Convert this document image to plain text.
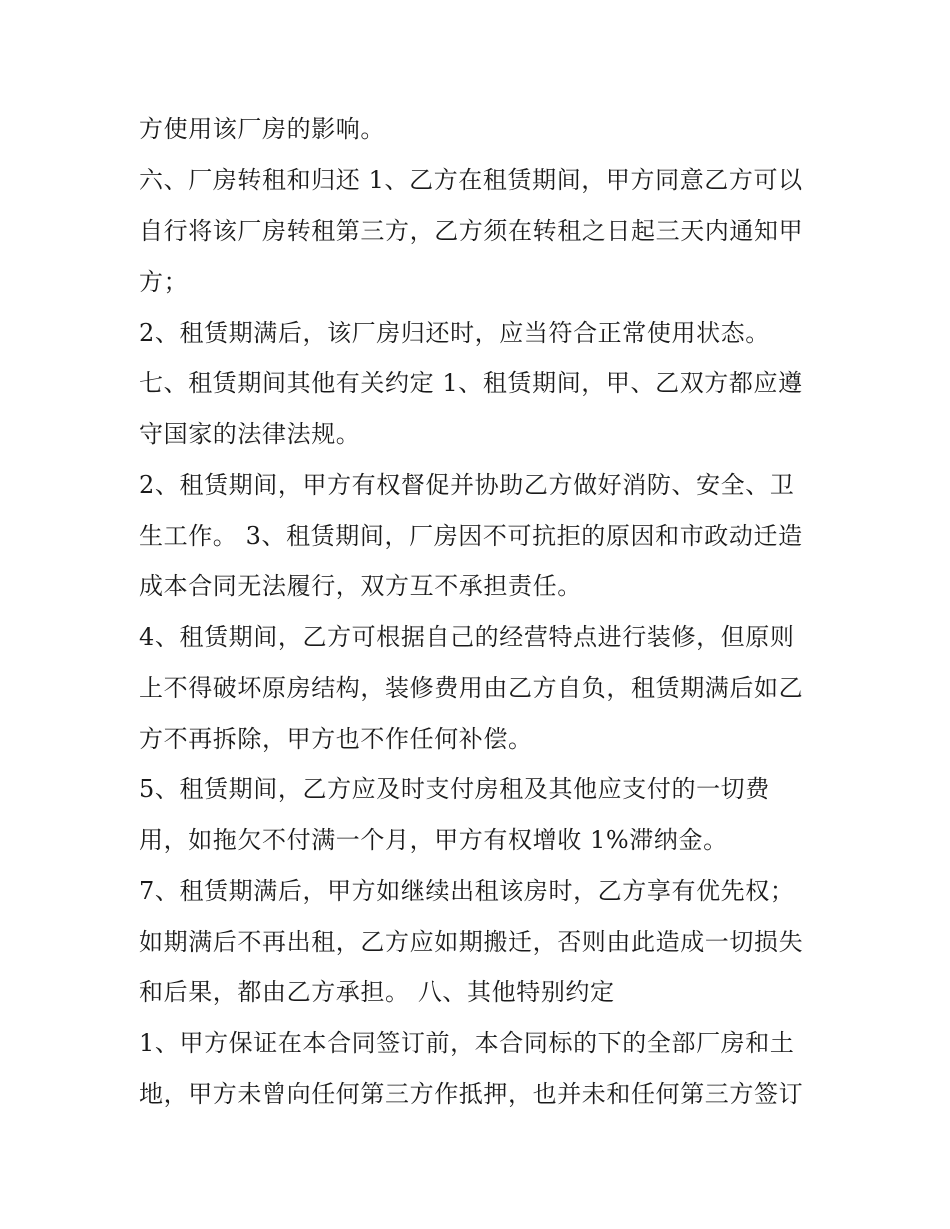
方使用该厂房的影响。
六、厂房转租和归还 1、乙方在租赁期间，甲方同意乙方可以
自行将该厂房转租第三方，乙方须在转租之日起三天内通知甲
方；
2、租赁期满后，该厂房归还时，应当符合正常使用状态。
七、租赁期间其他有关约定 1、租赁期间，甲、乙双方都应遵
守国家的法律法规。
2、租赁期间，甲方有权督促并协助乙方做好消防、安全、卫
生工作。 3、租赁期间，厂房因不可抗拒的原因和市政动迁造
成本合同无法履行，双方互不承担责任。
4、租赁期间，乙方可根据自己的经营特点进行装修，但原则
上不得破坏原房结构，装修费用由乙方自负，租赁期满后如乙
方不再拆除，甲方也不作任何补偿。
5、租赁期间，乙方应及时支付房租及其他应支付的一切费
用，如拖欠不付满一个月，甲方有权增收 1%滞纳金。
7、租赁期满后，甲方如继续出租该房时，乙方享有优先权；
如期满后不再出租，乙方应如期搬迁，否则由此造成一切损失
和后果，都由乙方承担。 八、其他特别约定
1、甲方保证在本合同签订前，本合同标的下的全部厂房和土
地，甲方未曾向任何第三方作抵押，也并未和任何第三方签订
